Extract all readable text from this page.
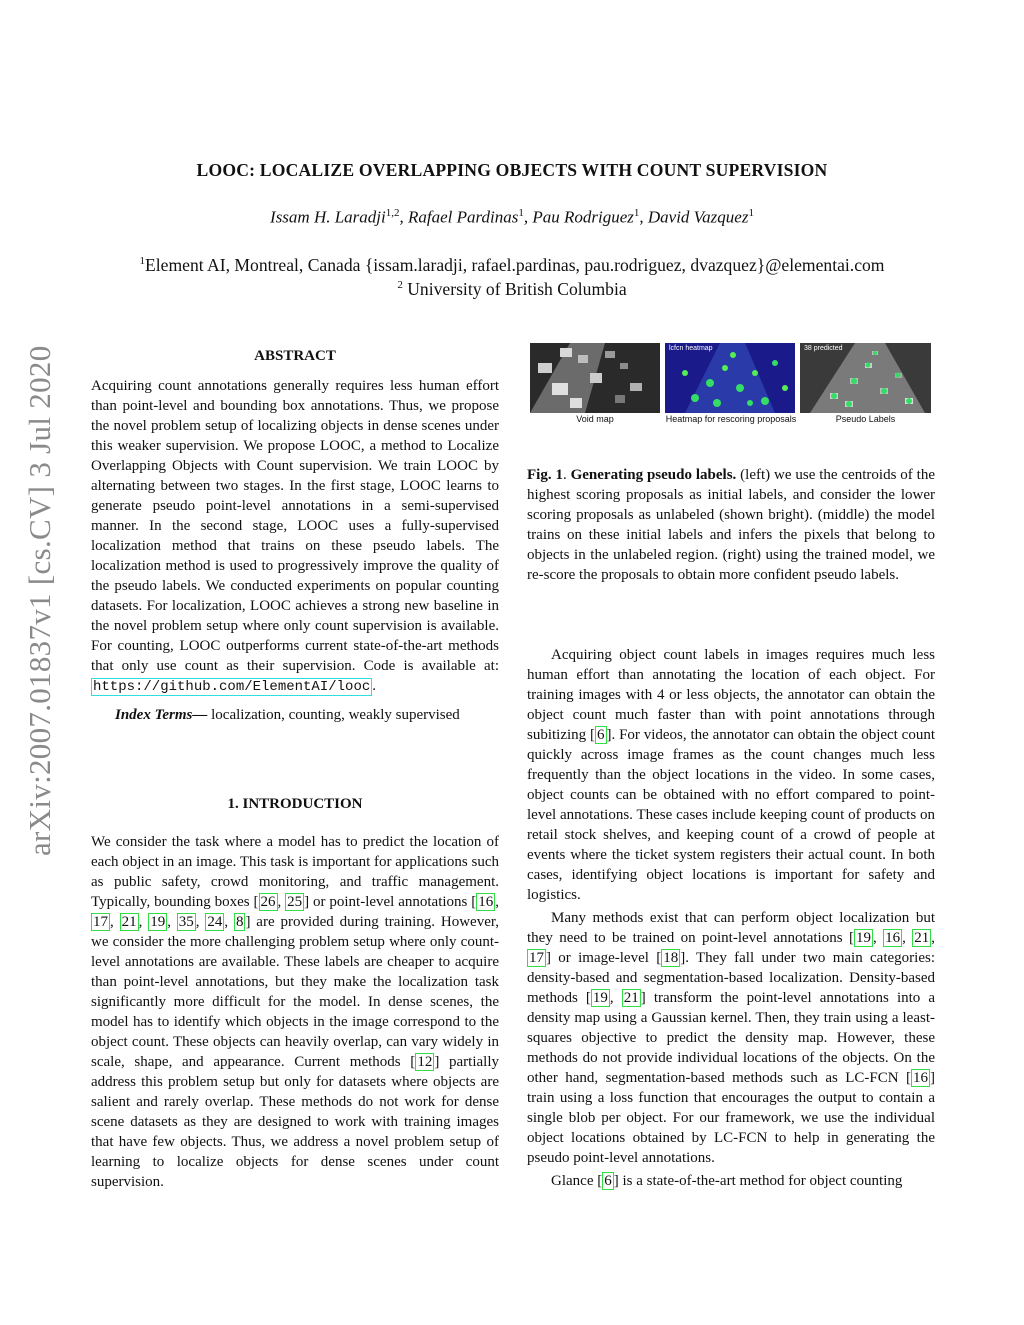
arXiv:2007.01837v1 [cs.CV] 3 Jul 2020
LOOC: LOCALIZE OVERLAPPING OBJECTS WITH COUNT SUPERVISION
Issam H. Laradji$^{1,2}$, Rafael Pardinas$^1$, Pau Rodriguez$^1$, David Vazquez$^1$
$^1$Element AI, Montreal, Canada {issam.laradji, rafael.pardinas, pau.rodriguez, dvazquez}@elementai.com
$^2$ University of British Columbia
ABSTRACT

Acquiring count annotations generally requires less human effort than point-level and bounding box annotations. Thus, we propose the novel problem setup of localizing objects in dense scenes under this weaker supervision. We propose LOOC, a method to Localize Overlapping Objects with Count supervision. We train LOOC by alternating between two stages. In the first stage, LOOC learns to generate pseudo point-level annotations in a semi-supervised manner. In the second stage, LOOC uses a fully-supervised localization method that trains on these pseudo labels. The localization method is used to progressively improve the quality of the pseudo labels. We conducted experiments on popular counting datasets. For localization, LOOC achieves a strong new baseline in the novel problem setup where only count supervision is available. For counting, LOOC outperforms current state-of-the-art methods that only use count as their supervision. Code is available at: https://github.com/ElementAI/looc .

Index Terms— localization, counting, weakly supervised

1. INTRODUCTION

We consider the task where a model has to predict the location of each object in an image. This task is important for applications such as public safety, crowd monitoring, and traffic management. Typically, bounding boxes [ 26 , 25 ] or point-level annotations [ 16 , 17 , 21 , 19 , 35 , 24 , 8 ] are provided during training. However, we consider the more challenging problem setup where only count-level annotations are available. These labels are cheaper to acquire than point-level annotations, but they make the localization task significantly more difficult for the model. In dense scenes, the model has to identify which objects in the image correspond to the object count. These objects can heavily overlap, can vary widely in scale, shape, and appearance. Current methods [ 12 ] partially address this problem setup but only for datasets where objects are salient and rarely overlap. These methods do not work for dense scene datasets as they are designed to work with training images that have few objects. Thus, we address a novel problem setup of learning to localize objects for dense scenes under count supervision.

lcfcn heatmap	38 predicted
Void map	Heatmap for rescoring proposals	Pseudo Labels

Fig. 1. Generating pseudo labels. (left) we use the centroids of the highest scoring proposals as initial labels, and consider the lower scoring proposals as unlabeled (shown bright). (middle) the model trains on these initial labels and infers the pixels that belong to objects in the unlabeled region. (right) using the trained model, we re-score the proposals to obtain more confident pseudo labels.

Acquiring object count labels in images requires much less human effort than annotating the location of each object. For training images with 4 or less objects, the annotator can obtain the object count much faster than with point annotations through subitizing [ 6 ]. For videos, the annotator can obtain the object count quickly across image frames as the count changes much less frequently than the object locations in the video. In some cases, object counts can be obtained with no effort compared to point-level annotations. These cases include keeping count of products on retail stock shelves, and keeping count of a crowd of people at events where the ticket system registers their actual count. In both cases, identifying object locations is important for safety and logistics.

Many methods exist that can perform object localization but they need to be trained on point-level annotations [ 19 , 16 , 21 , 17 ] or image-level [ 18 ]. They fall under two main categories: density-based and segmentation-based localization. Density-based methods [ 19 , 21 ] transform the point-level annotations into a density map using a Gaussian kernel. Then, they train using a least-squares objective to predict the density map. However, these methods do not provide individual locations of the objects. On the other hand, segmentation-based methods such as LC-FCN [ 16 ] train using a loss function that encourages the output to contain a single blob per object. For our framework, we use the individual object locations obtained by LC-FCN to help in generating the pseudo point-level annotations.

Glance [ 6 ] is a state-of-the-art method for object counting
